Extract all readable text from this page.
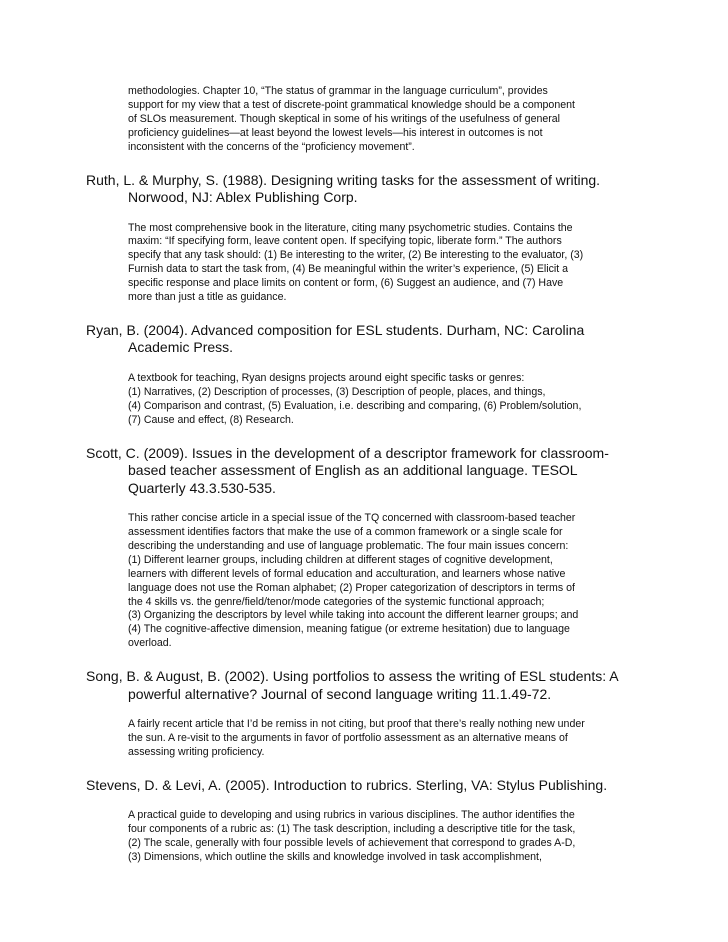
methodologies. Chapter 10, “The status of grammar in the language curriculum”, provides
support for my view that a test of discrete-point grammatical knowledge should be a component
of SLOs measurement. Though skeptical in some of his writings of the usefulness of general
proficiency guidelines—at least beyond the lowest levels—his interest in outcomes is not
inconsistent with the concerns of the “proficiency movement”.

Ruth, L. & Murphy, S. (1988). Designing writing tasks for the assessment of writing.
Norwood, NJ: Ablex Publishing Corp.

The most comprehensive book in the literature, citing many psychometric studies. Contains the
maxim: “If specifying form, leave content open. If specifying topic, liberate form.” The authors
specify that any task should: (1) Be interesting to the writer, (2) Be interesting to the evaluator, (3)
Furnish data to start the task from, (4) Be meaningful within the writer’s experience, (5) Elicit a
specific response and place limits on content or form, (6) Suggest an audience, and (7) Have
more than just a title as guidance.

Ryan, B. (2004). Advanced composition for ESL students. Durham, NC: Carolina
Academic Press.

A textbook for teaching, Ryan designs projects around eight specific tasks or genres:
(1) Narratives, (2) Description of processes, (3) Description of people, places, and things,
(4) Comparison and contrast, (5) Evaluation, i.e. describing and comparing, (6) Problem/solution,
(7) Cause and effect, (8) Research.

Scott, C. (2009). Issues in the development of a descriptor framework for classroom-
based teacher assessment of English as an additional language. TESOL
Quarterly 43.3.530-535.

This rather concise article in a special issue of the TQ concerned with classroom-based teacher
assessment identifies factors that make the use of a common framework or a single scale for
describing the understanding and use of language problematic. The four main issues concern:
(1) Different learner groups, including children at different stages of cognitive development,
learners with different levels of formal education and acculturation, and learners whose native
language does not use the Roman alphabet; (2) Proper categorization of descriptors in terms of
the 4 skills vs. the genre/field/tenor/mode categories of the systemic functional approach;
(3) Organizing the descriptors by level while taking into account the different learner groups; and
(4) The cognitive-affective dimension, meaning fatigue (or extreme hesitation) due to language
overload.

Song, B. & August, B. (2002). Using portfolios to assess the writing of ESL students: A
powerful alternative? Journal of second language writing 11.1.49-72.

A fairly recent article that I’d be remiss in not citing, but proof that there’s really nothing new under
the sun. A re-visit to the arguments in favor of portfolio assessment as an alternative means of
assessing writing proficiency.

Stevens, D. & Levi, A. (2005). Introduction to rubrics. Sterling, VA: Stylus Publishing.

A practical guide to developing and using rubrics in various disciplines. The author identifies the
four components of a rubric as: (1) The task description, including a descriptive title for the task,
(2) The scale, generally with four possible levels of achievement that correspond to grades A-D,
(3) Dimensions, which outline the skills and knowledge involved in task accomplishment,
